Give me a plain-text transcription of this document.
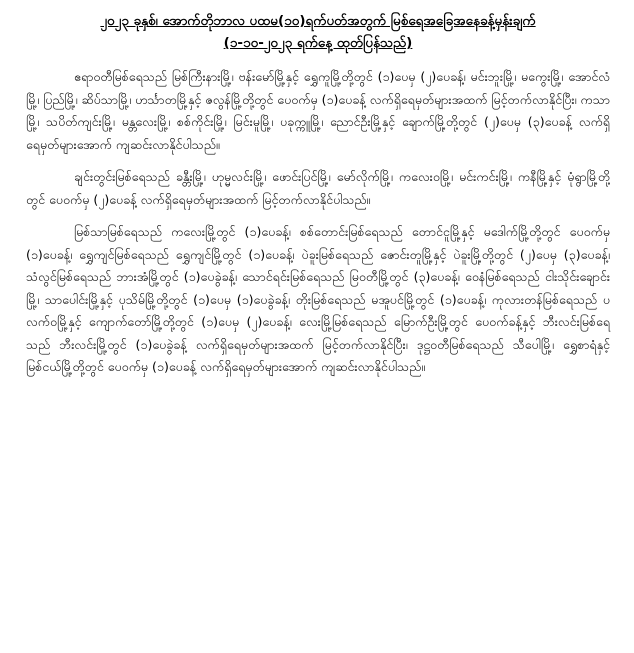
၂၀၂၃ ခုနှစ်၊ အောက်တိုဘာလ ပထမ(၁၀)ရက်ပတ်အတွက် မြစ်ရေအခြေအနေခန့်မှန်းချက်

(၁-၁၀-၂၀၂၃ ရက်နေ့ ထုတ်ပြန်သည်)

ဧရာဝတီမြစ်ရေသည် မြစ်ကြီးနားမြို့၊ ဗန်းမော်မြို့နှင့် ရွှေကူမြို့တို့တွင် (၁)ပေမှ (၂)ပေခန့်၊ မင်းဘူးမြို့၊ မကွေးမြို့၊ အောင်လံမြို့၊ ပြည်မြို့၊ ဆိပ်သာမြို့၊ ဟင်္သာတမြို့နှင့် ဇလွန်မြို့တို့တွင် ပေဝက်မှ (၁)ပေခန့် လက်ရှိရေမှတ်များအထက် မြင့်တက်လာနိုင်ပြီး၊ ကသာမြို့၊ သပိတ်ကျင်းမြို့၊ မန္တလေးမြို့၊ စစ်ကိုင်းမြို့၊ မြင်းမူမြို့၊ ပခုက္ကူမြို့၊ ညောင်ဦးမြို့နှင့် ချောက်မြို့တို့တွင် (၂)ပေမှ (၃)ပေခန့် လက်ရှိရေမှတ်များအောက် ကျဆင်းလာနိုင်ပါသည်။

ချင်းတွင်းမြစ်ရေသည် ခန္တီးမြို့၊ ဟုမ္မလင်းမြို့၊ ဖောင်းပြင်မြို့၊ မော်လိုက်မြို့၊ ကလေးဝမြို့၊ မင်းကင်းမြို့၊ ကနီမြို့နှင့် မုံရွာမြို့တို့တွင် ပေဝက်မှ (၂)ပေခန့် လက်ရှိရေမှတ်များအထက် မြင့်တက်လာနိုင်ပါသည်။

မြစ်သာမြစ်ရေသည် ကလေးမြို့တွင် (၁)ပေခန့်၊ စစ်တောင်းမြစ်ရေသည် တောင်ငူမြို့နှင့် မဒေါက်မြို့တို့တွင် ပေဝက်မှ (၁)ပေခန့်၊ ရွှေကျင်မြစ်ရေသည် ရွှေကျင်မြို့တွင် (၁)ပေခန့်၊ ပဲခူးမြစ်ရေသည် ဇောင်းတူမြို့နှင့် ပဲခူးမြို့တို့တွင် (၂)ပေမှ (၃)ပေခန့်၊ သံလွင်မြစ်ရေသည် ဘားအံမြို့တွင် (၁)ပေခွဲခန့်၊ သောင်ရင်းမြစ်ရေသည် မြဝတီမြို့တွင် (၃)ပေခန့်၊ ဝေနံမြစ်ရေသည် ငါးသိုင်းချောင်းမြို့၊ သာပေါင်းမြို့နှင့် ပုသိမ်မြို့တို့တွင် (၁)ပေမှ (၁)ပေခွဲခန့်၊ တိုးမြစ်ရေသည် မအူပင်မြို့တွင် (၁)ပေခန့်၊ ကုလားတန်မြစ်ရေသည် ပလက်ဝမြို့နှင့် ကျောက်တော်မြို့တို့တွင် (၁)ပေမှ (၂)ပေခန့်၊ လေးမြို့မြစ်ရေသည် မြောက်ဦးမြို့တွင် ပေဝက်ခန့်နှင့် ဘီးလင်းမြစ်ရေသည် ဘီးလင်းမြို့တွင် (၁)ပေခွဲခန့် လက်ရှိရေမှတ်များအထက် မြင့်တက်လာနိုင်ပြီး၊ ဒုဋ္ဌဝတီမြစ်ရေသည် သီပေါမြို့၊ ရွှေစာရံနှင့် မြစ်ငယ်မြို့တို့တွင် ပေဝက်မှ (၁)ပေခန့် လက်ရှိရေမှတ်များအောက် ကျဆင်းလာနိုင်ပါသည်။
